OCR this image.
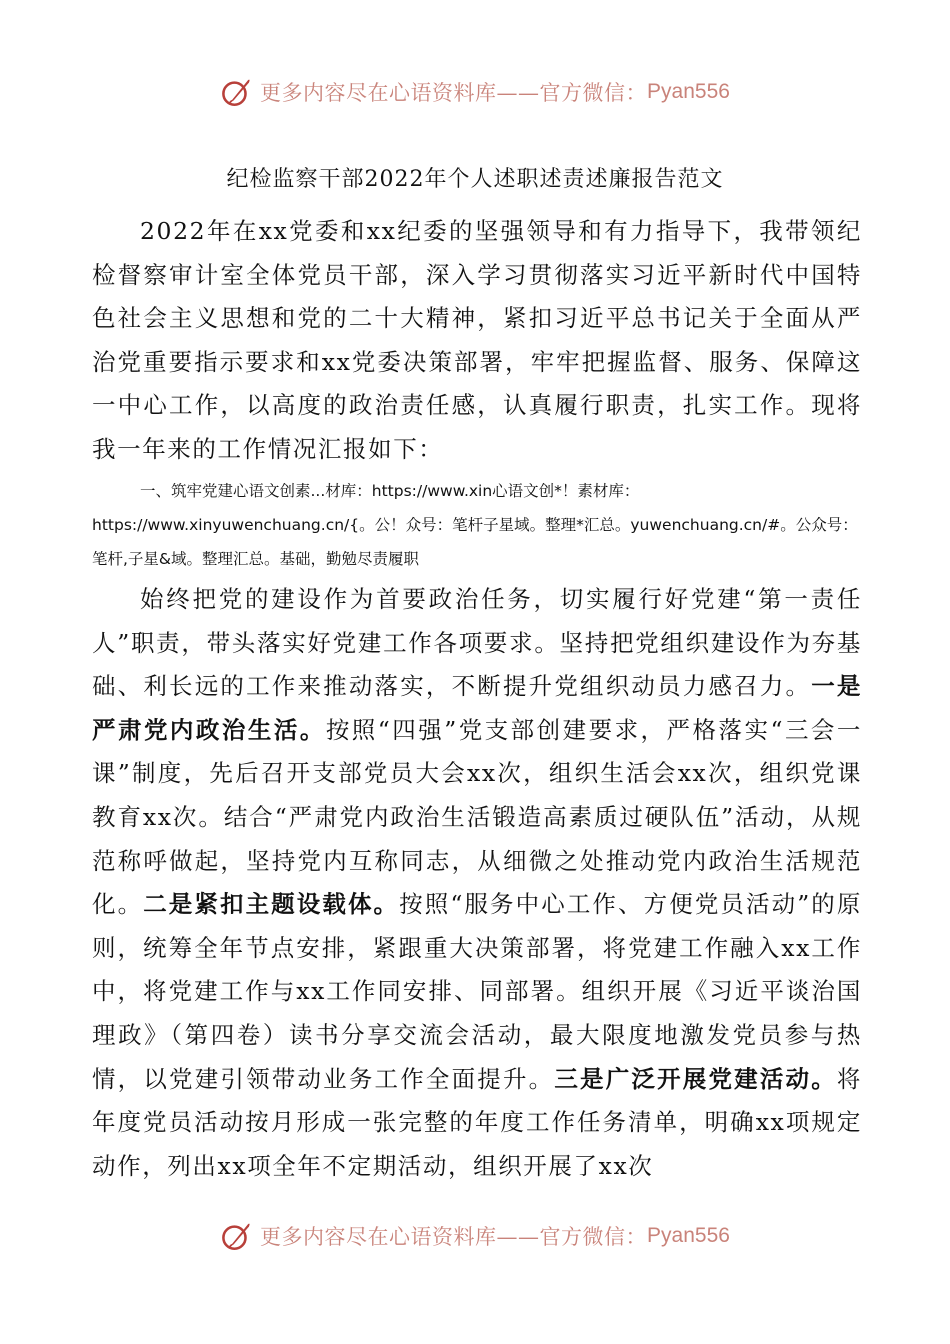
更多内容尽在心语资料库——官方微信： Pyan556
纪检监察干部2022年个人述职述责述廉报告范文

2022年在xx党委和xx纪委的坚强领导和有力指导下，我带领纪检督察审计室全体党员干部，深入学习贯彻落实习近平新时代中国特色社会主义思想和党的二十大精神，紧扣习近平总书记关于全面从严治党重要指示要求和xx党委决策部署，牢牢把握监督、服务、保障这一中心工作，以高度的政治责任感，认真履行职责，扎实工作。现将我一年来的工作情况汇报如下：

一、筑牢党建心语文创素...材库：https://www.xin心语文创*！素材库：https://www.xinyuwenchuang.cn/{。公！众号：笔杆子星域。整理*汇总。yuwenchuang.cn/#。公众号：笔杆,子星&域。整理汇总。基础，勤勉尽责履职

始终把党的建设作为首要政治任务，切实履行好党建“第一责任人”职责，带头落实好党建工作各项要求。坚持把党组织建设作为夯基础、利长远的工作来推动落实，不断提升党组织动员力感召力。一是严肃党内政治生活。按照“四强”党支部创建要求，严格落实“三会一课”制度，先后召开支部党员大会xx次，组织生活会xx次，组织党课教育xx次。结合“严肃党内政治生活锻造高素质过硬队伍”活动，从规范称呼做起，坚持党内互称同志，从细微之处推动党内政治生活规范化。二是紧扣主题设载体。按照“服务中心工作、方便党员活动”的原则，统筹全年节点安排，紧跟重大决策部署，将党建工作融入xx工作中，将党建工作与xx工作同安排、同部署。组织开展《习近平谈治国理政》（第四卷）读书分享交流会活动，最大限度地激发党员参与热情，以党建引领带动业务工作全面提升。三是广泛开展党建活动。将年度党员活动按月形成一张完整的年度工作任务清单，明确xx项规定动作，列出xx项全年不定期活动，组织开展了xx次

更多内容尽在心语资料库——官方微信： Pyan556
